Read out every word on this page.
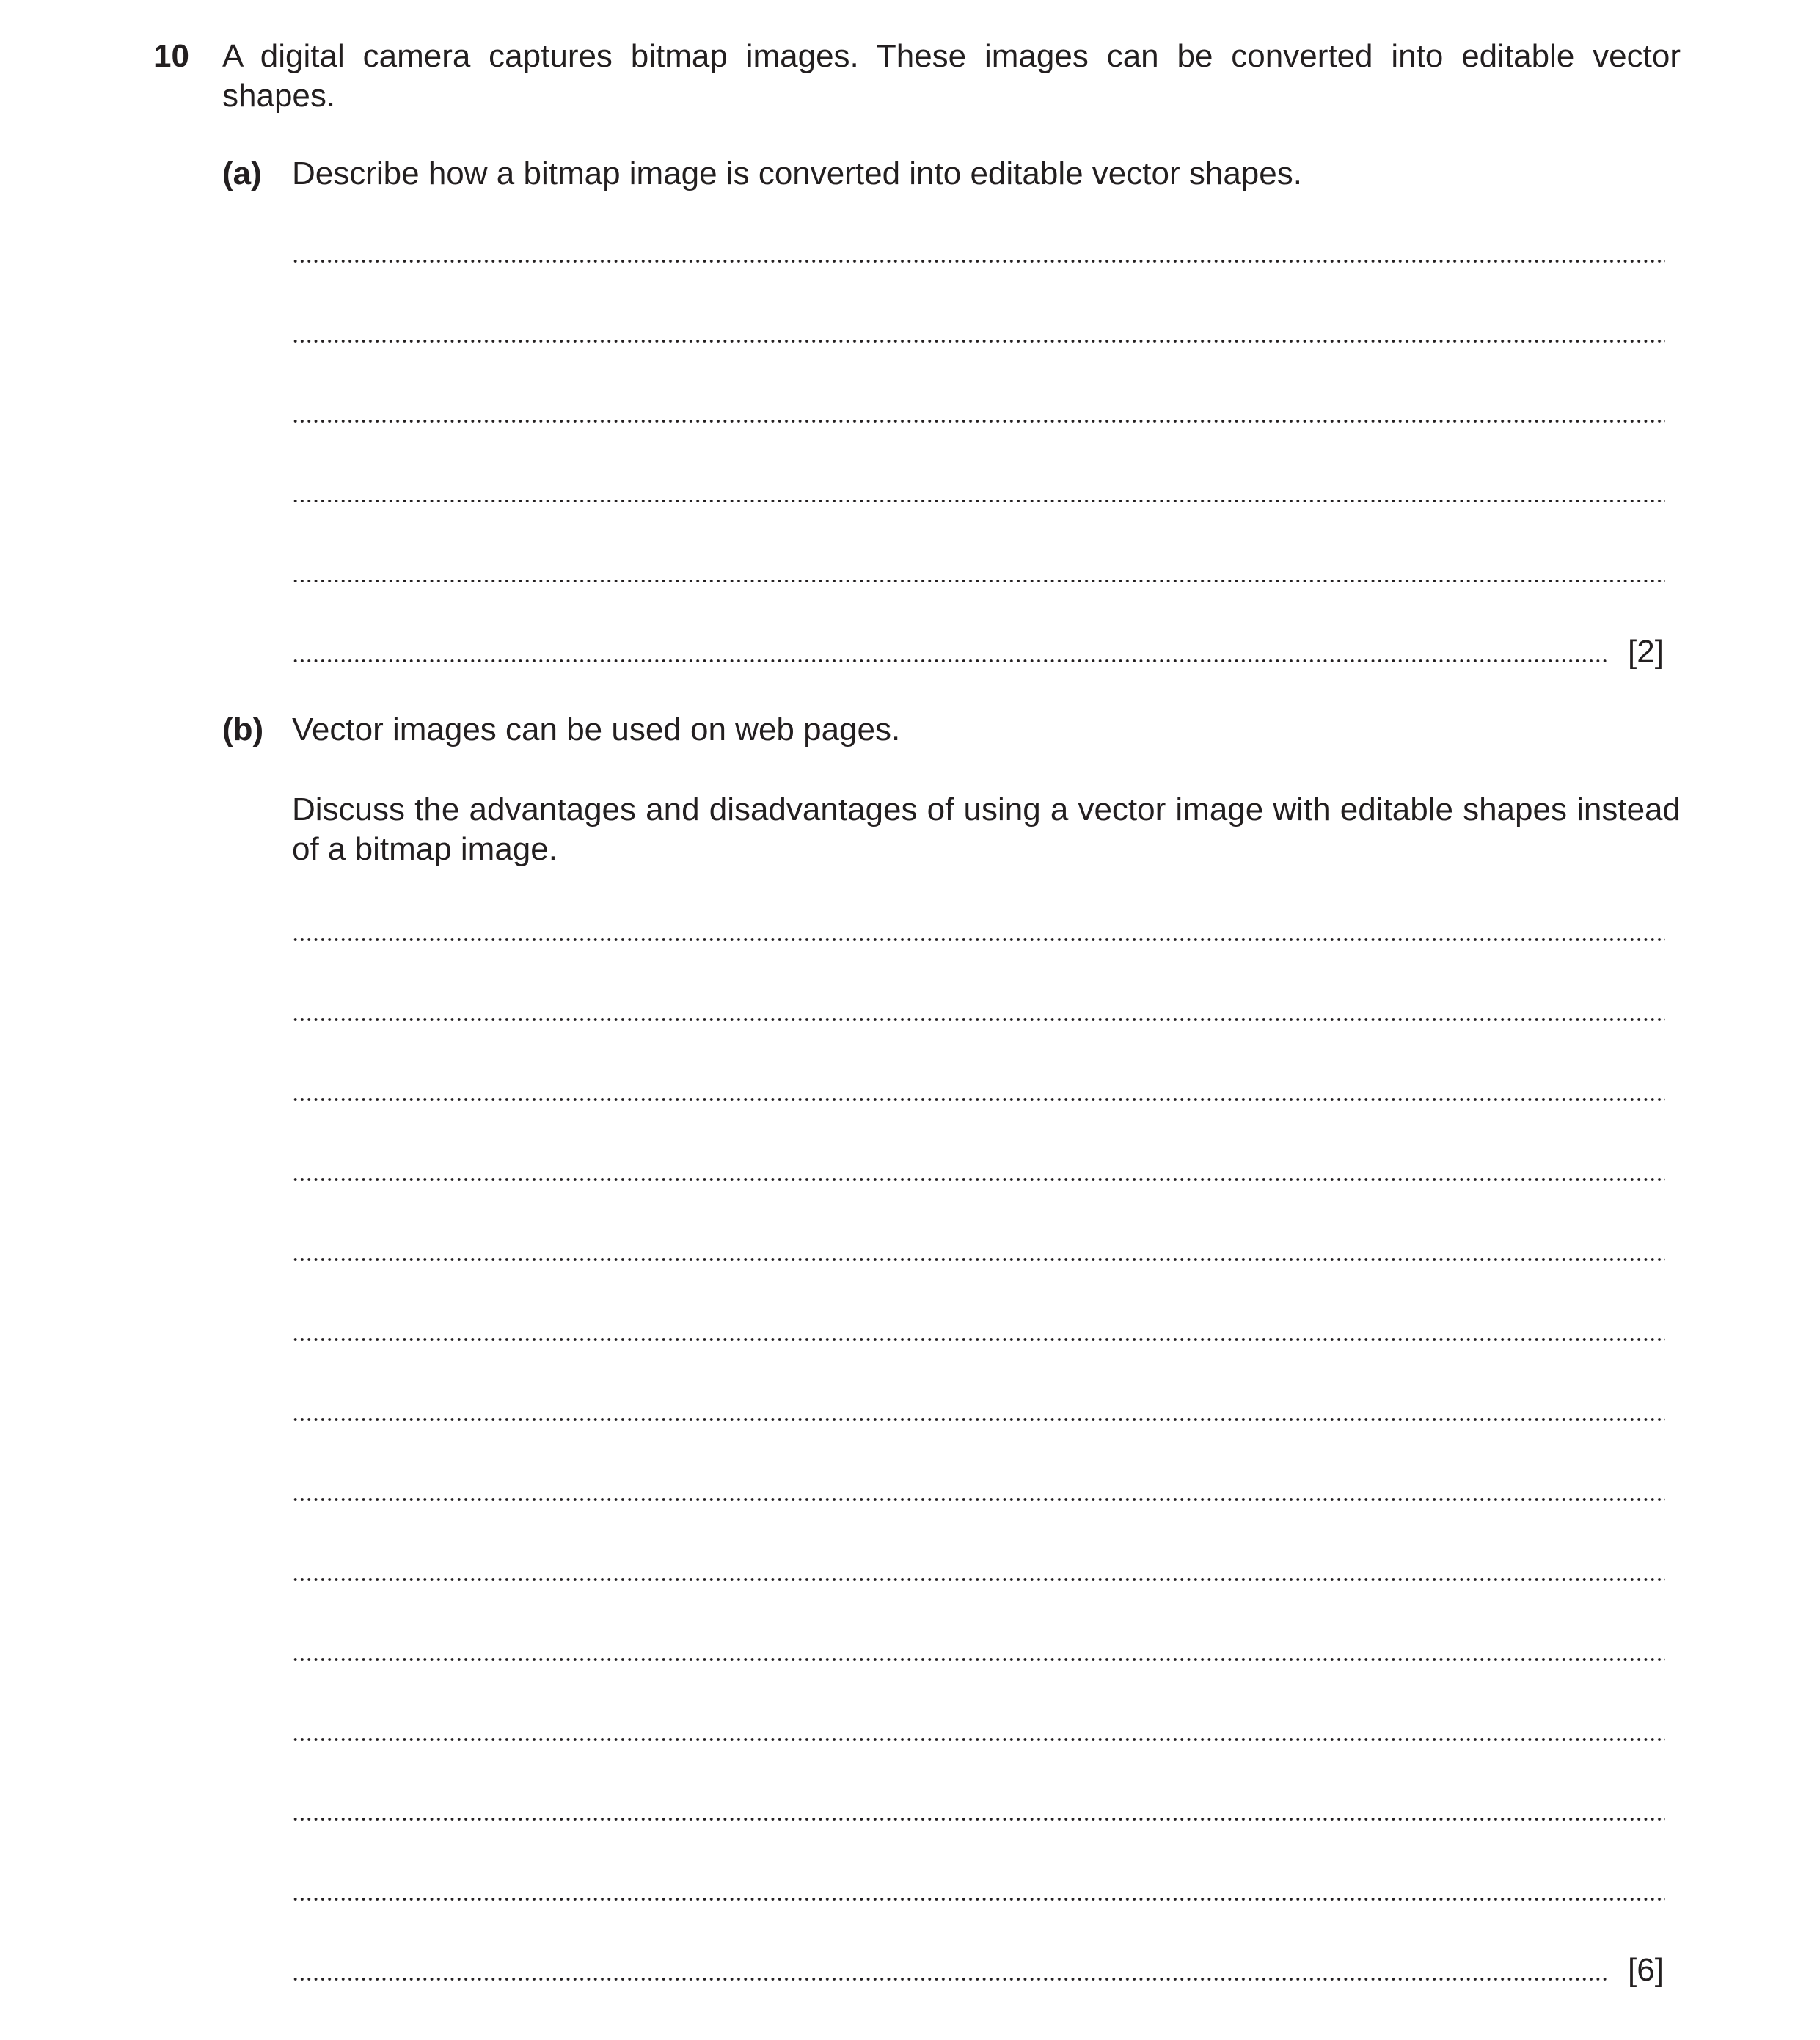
10 A digital camera captures bitmap images. These images can be converted into editable vector shapes.
(a) Describe how a bitmap image is converted into editable vector shapes.
[2]
(b) Vector images can be used on web pages.
Discuss the advantages and disadvantages of using a vector image with editable shapes instead of a bitmap image.
[6]
